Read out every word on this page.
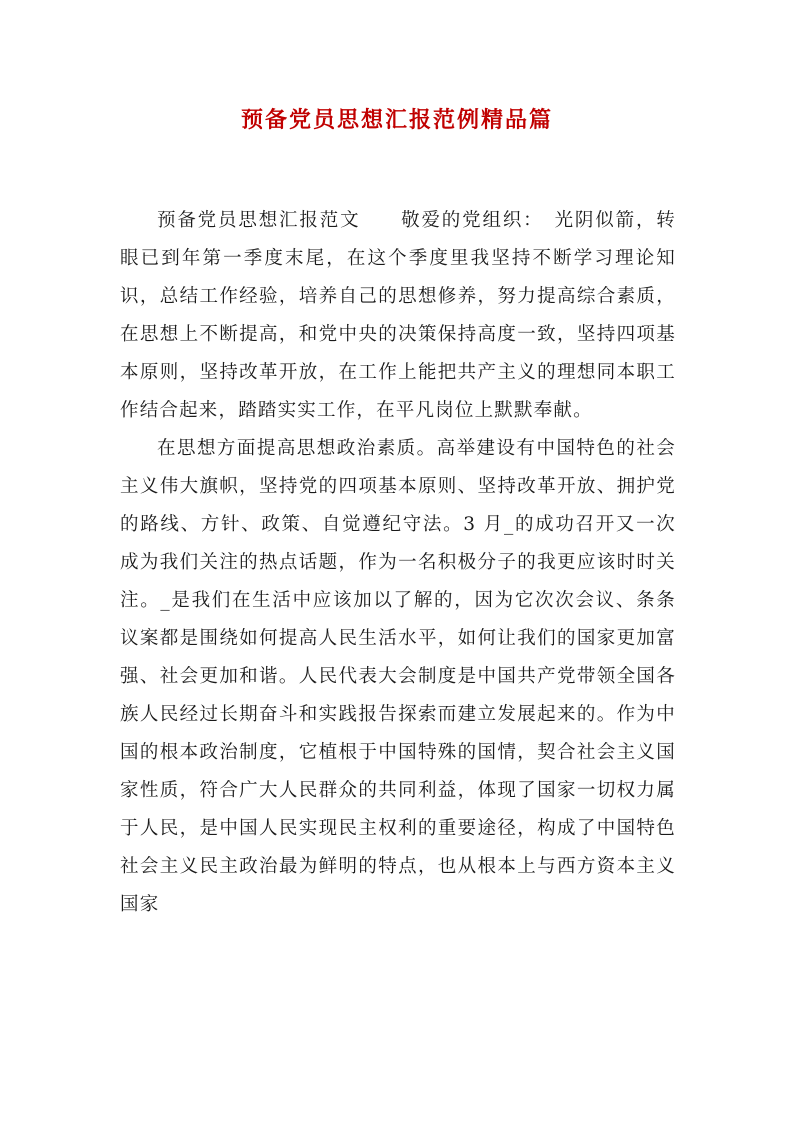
预备党员思想汇报范例精品篇

预备党员思想汇报范文　　敬爱的党组织：　光阴似箭，转眼已到年第一季度末尾，在这个季度里我坚持不断学习理论知识，总结工作经验，培养自己的思想修养，努力提高综合素质，在思想上不断提高，和党中央的决策保持高度一致，坚持四项基本原则，坚持改革开放，在工作上能把共产主义的理想同本职工作结合起来，踏踏实实工作，在平凡岗位上默默奉献。

在思想方面提高思想政治素质。高举建设有中国特色的社会主义伟大旗帜，坚持党的四项基本原则、坚持改革开放、拥护党的路线、方针、政策、自觉遵纪守法。3 月_的成功召开又一次成为我们关注的热点话题，作为一名积极分子的我更应该时时关注。_是我们在生活中应该加以了解的，因为它次次会议、条条议案都是围绕如何提高人民生活水平，如何让我们的国家更加富强、社会更加和谐。人民代表大会制度是中国共产党带领全国各族人民经过长期奋斗和实践报告探索而建立发展起来的。作为中国的根本政治制度，它植根于中国特殊的国情，契合社会主义国家性质，符合广大人民群众的共同利益，体现了国家一切权力属于人民，是中国人民实现民主权利的重要途径，构成了中国特色社会主义民主政治最为鲜明的特点，也从根本上与西方资本主义国家
